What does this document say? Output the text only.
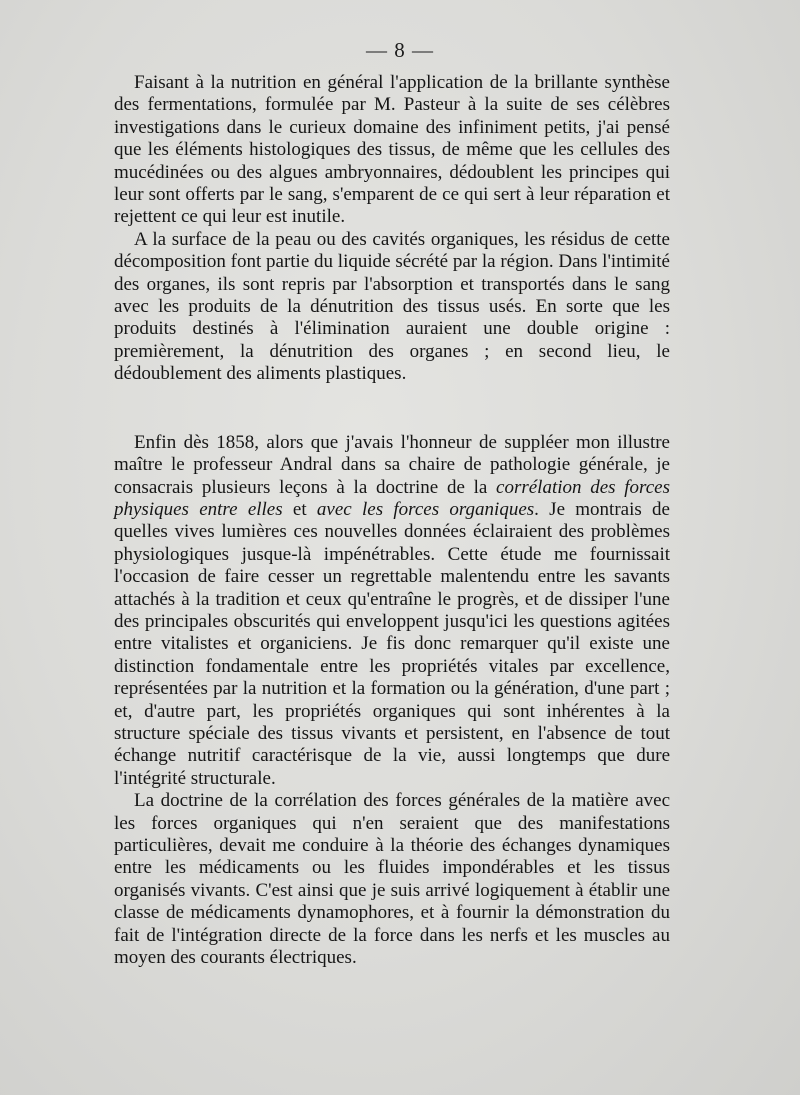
— 8 —

Faisant à la nutrition en général l'application de la brillante synthèse des fermentations, formulée par M. Pasteur à la suite de ses célèbres investigations dans le curieux domaine des infiniment petits, j'ai pensé que les éléments histologiques des tissus, de même que les cellules des mucédinées ou des algues ambryonnaires, dédoublent les principes qui leur sont offerts par le sang, s'emparent de ce qui sert à leur réparation et rejettent ce qui leur est inutile.

A la surface de la peau ou des cavités organiques, les résidus de cette décomposition font partie du liquide sécrété par la région. Dans l'intimité des organes, ils sont repris par l'absorption et transportés dans le sang avec les produits de la dénutrition des tissus usés. En sorte que les produits destinés à l'élimination auraient une double origine : premièrement, la dénutrition des organes ; en second lieu, le dédoublement des aliments plastiques.

Enfin dès 1858, alors que j'avais l'honneur de suppléer mon illustre maître le professeur Andral dans sa chaire de pathologie générale, je consacrais plusieurs leçons à la doctrine de la corrélation des forces physiques entre elles et avec les forces organiques. Je montrais de quelles vives lumières ces nouvelles données éclairaient des problèmes physiologiques jusque-là impénétrables. Cette étude me fournissait l'occasion de faire cesser un regrettable malentendu entre les savants attachés à la tradition et ceux qu'entraîne le progrès, et de dissiper l'une des principales obscurités qui enveloppent jusqu'ici les questions agitées entre vitalistes et organiciens. Je fis donc remarquer qu'il existe une distinction fondamentale entre les propriétés vitales par excellence, représentées par la nutrition et la formation ou la génération, d'une part ; et, d'autre part, les propriétés organiques qui sont inhérentes à la structure spéciale des tissus vivants et persistent, en l'absence de tout échange nutritif caractérisque de la vie, aussi longtemps que dure l'intégrité structurale.

La doctrine de la corrélation des forces générales de la matière avec les forces organiques qui n'en seraient que des manifestations particulières, devait me conduire à la théorie des échanges dynamiques entre les médicaments ou les fluides impondérables et les tissus organisés vivants. C'est ainsi que je suis arrivé logiquement à établir une classe de médicaments dynamophores, et à fournir la démonstration du fait de l'intégration directe de la force dans les nerfs et les muscles au moyen des courants électriques.
